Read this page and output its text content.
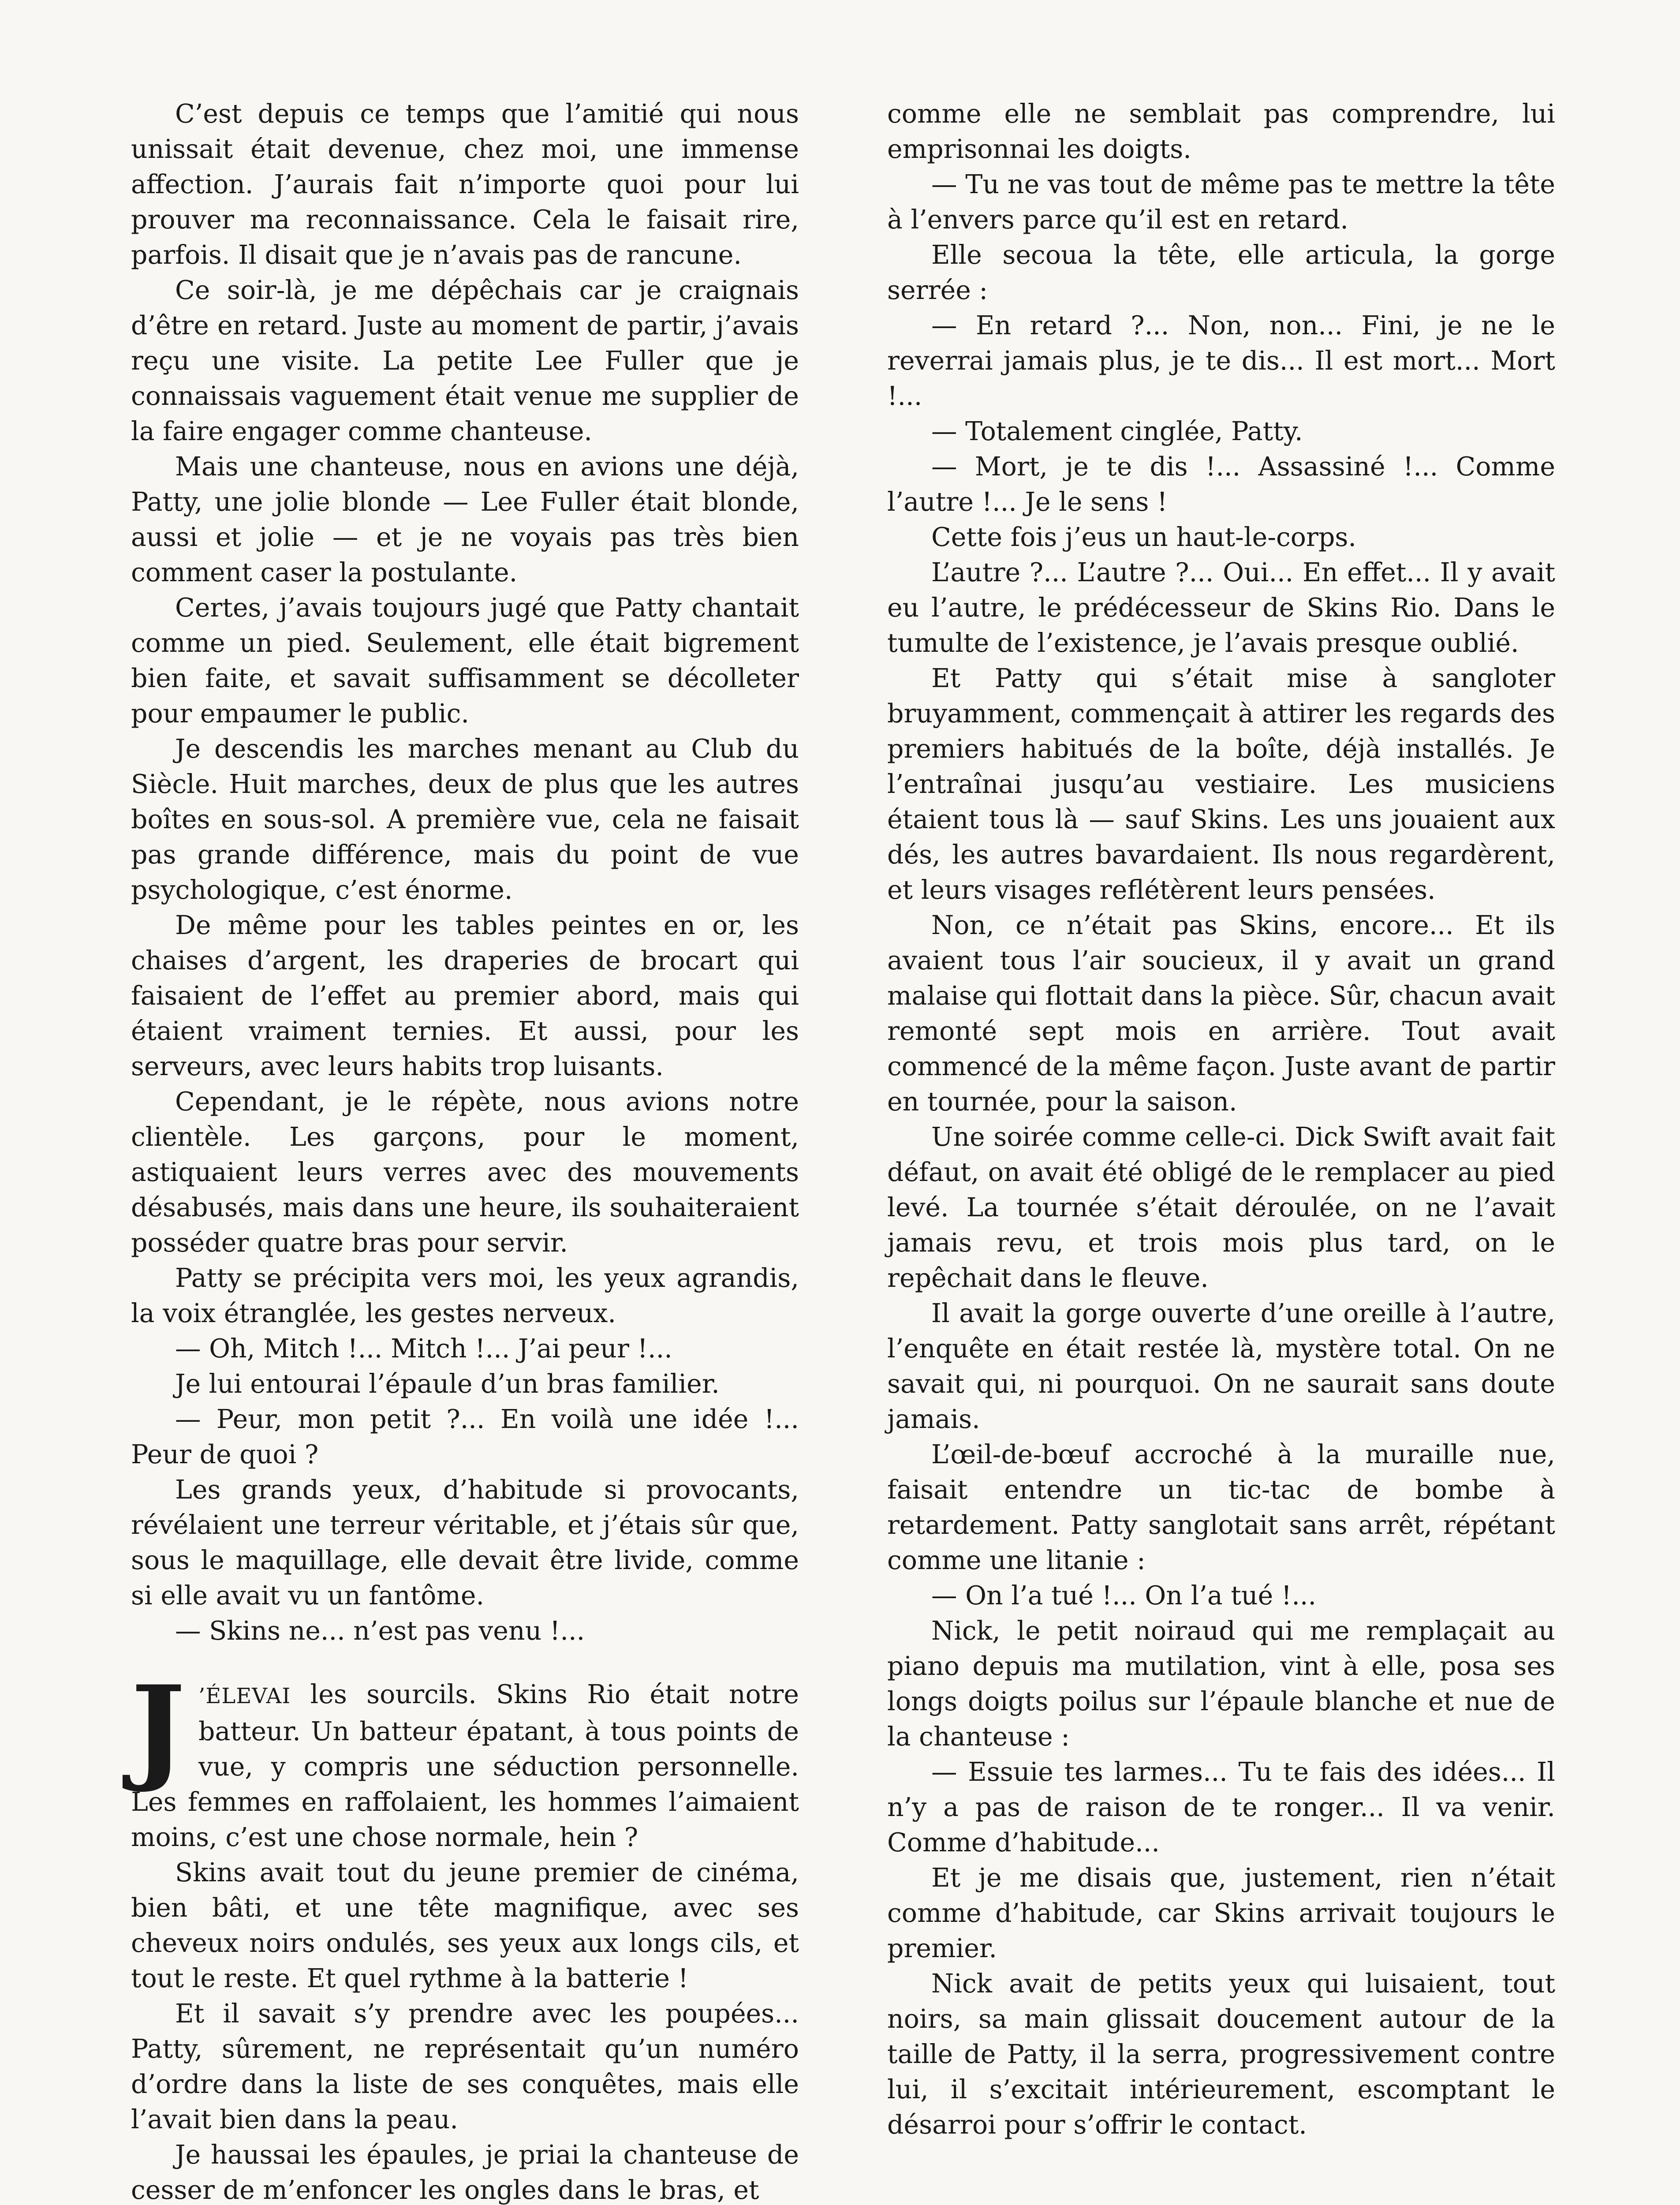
C’est depuis ce temps que l’amitié qui nous unissait était devenue, chez moi, une immense affection. J’aurais fait n’importe quoi pour lui prouver ma reconnaissance. Cela le faisait rire, parfois. Il disait que je n’avais pas de rancune.

Ce soir-là, je me dépêchais car je craignais d’être en retard. Juste au moment de partir, j’avais reçu une visite. La petite Lee Fuller que je connaissais vaguement était venue me supplier de la faire engager comme chanteuse.

Mais une chanteuse, nous en avions une déjà, Patty, une jolie blonde — Lee Fuller était blonde, aussi et jolie — et je ne voyais pas très bien comment caser la postulante.

Certes, j’avais toujours jugé que Patty chantait comme un pied. Seulement, elle était bigrement bien faite, et savait suffisamment se décolleter pour empaumer le public.

Je descendis les marches menant au Club du Siècle. Huit marches, deux de plus que les autres boîtes en sous-sol. A première vue, cela ne faisait pas grande différence, mais du point de vue psychologique, c’est énorme.

De même pour les tables peintes en or, les chaises d’argent, les draperies de brocart qui faisaient de l’effet au premier abord, mais qui étaient vraiment ternies. Et aussi, pour les serveurs, avec leurs habits trop luisants.

Cependant, je le répète, nous avions notre clientèle. Les garçons, pour le moment, astiquaient leurs verres avec des mouvements désabusés, mais dans une heure, ils souhaiteraient posséder quatre bras pour servir.

Patty se précipita vers moi, les yeux agrandis, la voix étranglée, les gestes nerveux.

— Oh, Mitch !... Mitch !... J’ai peur !...

Je lui entourai l’épaule d’un bras familier.

— Peur, mon petit ?... En voilà une idée !... Peur de quoi ?

Les grands yeux, d’habitude si provocants, révélaient une terreur véritable, et j’étais sûr que, sous le maquillage, elle devait être livide, comme si elle avait vu un fantôme.

— Skins ne... n’est pas venu !...

J ’ÉLEVAI les sourcils. Skins Rio était notre batteur. Un batteur épatant, à tous points de vue, y compris une séduction personnelle. Les femmes en raffolaient, les hommes l’aimaient moins, c’est une chose normale, hein ?

Skins avait tout du jeune premier de cinéma, bien bâti, et une tête magnifique, avec ses cheveux noirs ondulés, ses yeux aux longs cils, et tout le reste. Et quel rythme à la batterie !

Et il savait s’y prendre avec les poupées... Patty, sûrement, ne représentait qu’un numéro d’ordre dans la liste de ses conquêtes, mais elle l’avait bien dans la peau.

Je haussai les épaules, je priai la chanteuse de cesser de m’enfoncer les ongles dans le bras, et

comme elle ne semblait pas comprendre, lui emprisonnai les doigts.

— Tu ne vas tout de même pas te mettre la tête à l’envers parce qu’il est en retard.

Elle secoua la tête, elle articula, la gorge serrée :

— En retard ?... Non, non... Fini, je ne le reverrai jamais plus, je te dis... Il est mort... Mort !...

— Totalement cinglée, Patty.

— Mort, je te dis !... Assassiné !... Comme l’autre !... Je le sens !

Cette fois j’eus un haut-le-corps.

L’autre ?... L’autre ?... Oui... En effet... Il y avait eu l’autre, le prédécesseur de Skins Rio. Dans le tumulte de l’existence, je l’avais presque oublié.

Et Patty qui s’était mise à sangloter bruyamment, commençait à attirer les regards des premiers habitués de la boîte, déjà installés. Je l’entraînai jusqu’au vestiaire. Les musiciens étaient tous là — sauf Skins. Les uns jouaient aux dés, les autres bavardaient. Ils nous regardèrent, et leurs visages reflétèrent leurs pensées.

Non, ce n’était pas Skins, encore... Et ils avaient tous l’air soucieux, il y avait un grand malaise qui flottait dans la pièce. Sûr, chacun avait remonté sept mois en arrière. Tout avait commencé de la même façon. Juste avant de partir en tournée, pour la saison.

Une soirée comme celle-ci. Dick Swift avait fait défaut, on avait été obligé de le remplacer au pied levé. La tournée s’était déroulée, on ne l’avait jamais revu, et trois mois plus tard, on le repêchait dans le fleuve.

Il avait la gorge ouverte d’une oreille à l’autre, l’enquête en était restée là, mystère total. On ne savait qui, ni pourquoi. On ne saurait sans doute jamais.

L’œil-de-bœuf accroché à la muraille nue, faisait entendre un tic-tac de bombe à retardement. Patty sanglotait sans arrêt, répétant comme une litanie :

— On l’a tué !... On l’a tué !...

Nick, le petit noiraud qui me remplaçait au piano depuis ma mutilation, vint à elle, posa ses longs doigts poilus sur l’épaule blanche et nue de la chanteuse :

— Essuie tes larmes... Tu te fais des idées... Il n’y a pas de raison de te ronger... Il va venir. Comme d’habitude...

Et je me disais que, justement, rien n’était comme d’habitude, car Skins arrivait toujours le premier.

Nick avait de petits yeux qui luisaient, tout noirs, sa main glissait doucement autour de la taille de Patty, il la serra, progressivement contre lui, il s’excitait intérieurement, escomptant le désarroi pour s’offrir le contact.
